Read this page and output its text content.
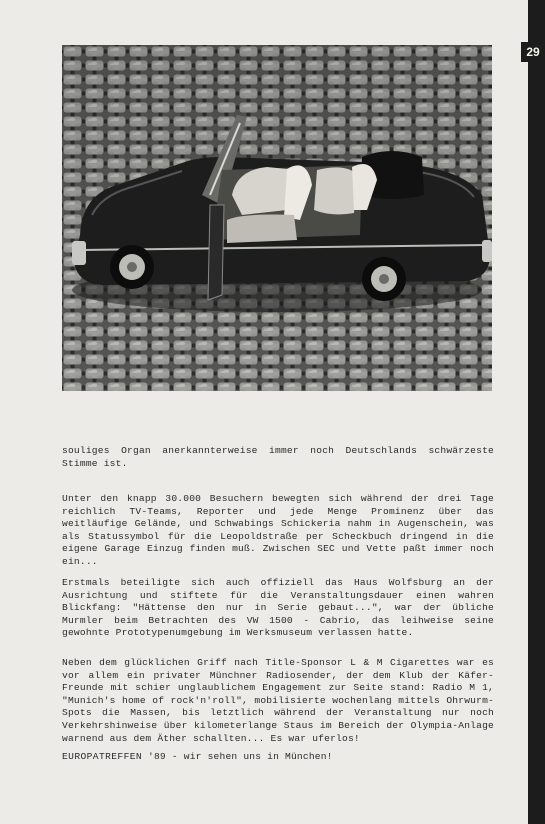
29

souliges Organ anerkannterweise immer noch Deutschlands schwärzeste Stimme ist.

Unter den knapp 30.000 Besuchern bewegten sich während der drei Tage reichlich TV-Teams, Reporter und jede Menge Prominenz über das weitläufige Gelände, und Schwabings Schickeria nahm in Augenschein, was als Statussymbol für die Leopoldstraße per Scheckbuch dringend in die eigene Garage Einzug finden muß. Zwischen SEC und Vette paßt immer noch ein...

Erstmals beteiligte sich auch offiziell das Haus Wolfsburg an der Ausrichtung und stiftete für die Veranstaltungsdauer einen wahren Blickfang: "Hättense den nur in Serie gebaut...", war der übliche Murmler beim Betrachten des VW 1500 - Cabrio, das leihweise seine gewohnte Prototypenumgebung im Werksmuseum verlassen hatte.

Neben dem glücklichen Griff nach Title-Sponsor L & M Cigarettes war es vor allem ein privater Münchner Radiosender, der dem Klub der Käfer-Freunde mit schier unglaublichem Engagement zur Seite stand: Radio M 1, "Munich's home of rock'n'roll", mobilisierte wochenlang mittels Ohrwurm-Spots die Massen, bis letztlich während der Veranstaltung nur noch Verkehrshinweise über kilometerlange Staus im Bereich der Olympia-Anlage warnend aus dem Äther schallten... Es war uferlos!

EUROPATREFFEN '89 - wir sehen uns in München!
